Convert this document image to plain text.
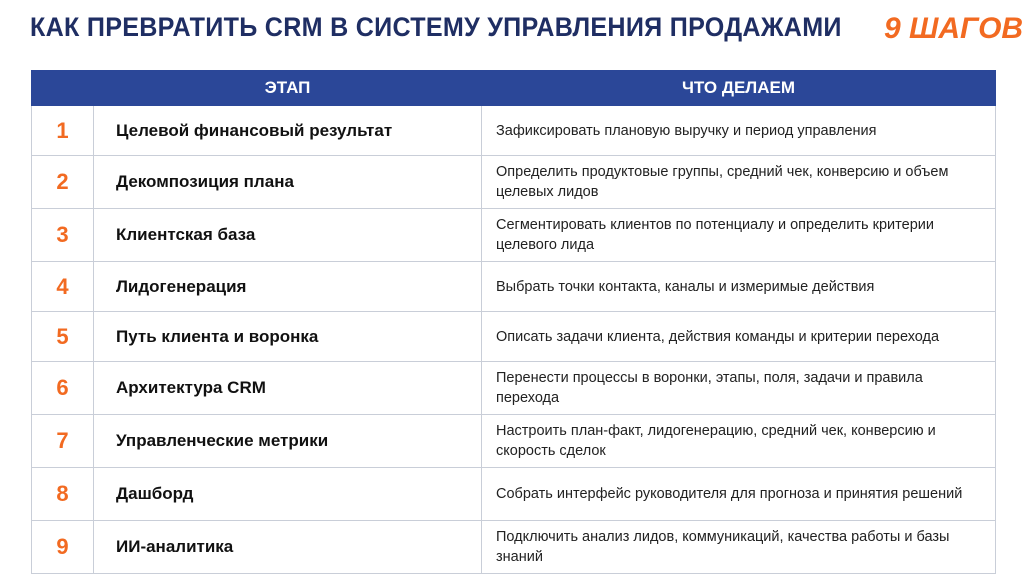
КАК ПРЕВРАТИТЬ CRM В СИСТЕМУ УПРАВЛЕНИЯ ПРОДАЖАМИ 9 ШАГОВ
	ЭТАП	ЧТО ДЕЛАЕМ
1	Целевой финансовый результат	Зафиксировать плановую выручку и период управления
2	Декомпозиция плана	Определить продуктовые группы, средний чек, конверсию и объем целевых лидов
3	Клиентская база	Сегментировать клиентов по потенциалу и определить критерии целевого лида
4	Лидогенерация	Выбрать точки контакта, каналы и измеримые действия
5	Путь клиента и воронка	Описать задачи клиента, действия команды и критерии перехода
6	Архитектура CRM	Перенести процессы в воронки, этапы, поля, задачи и правила перехода
7	Управленческие метрики	Настроить план-факт, лидогенерацию, средний чек, конверсию и скорость сделок
8	Дашборд	Собрать интерфейс руководителя для прогноза и принятия решений
9	ИИ-аналитика	Подключить анализ лидов, коммуникаций, качества работы и базы знаний
